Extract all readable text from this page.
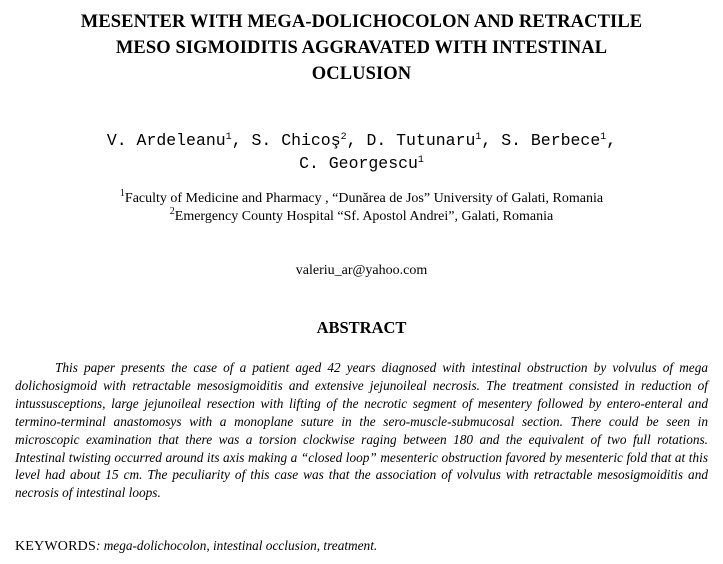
MESENTER WITH MEGA-DOLICHOCOLON AND RETRACTILE
MESO SIGMOIDITIS AGGRAVATED WITH INTESTINAL
OCLUSION
V. Ardeleanu$^1$, S. Chicoş$^2$, D. Tutunaru$^1$, S. Berbece$^1$,
C. Georgescu$^1$
$^1$Faculty of Medicine and Pharmacy , “Dunărea de Jos” University of Galati, Romania
$^2$Emergency County Hospital “Sf. Apostol Andrei”, Galati, Romania
valeriu_ar@yahoo.com
ABSTRACT

This paper presents the case of a patient aged 42 years diagnosed with intestinal obstruction by volvulus of mega dolichosigmoid with retractable mesosigmoiditis and extensive jejunoileal necrosis. The treatment consisted in reduction of intussusceptions, large jejunoileal resection with lifting of the necrotic segment of mesentery followed by entero-enteral and termino-terminal anastomosys with a monoplane suture in the sero-muscle-submucosal section. There could be seen in microscopic examination that there was a torsion clockwise raging between 180 and the equivalent of two full rotations. Intestinal twisting occurred around its axis making a “closed loop” mesenteric obstruction favored by mesenteric fold that at this level had about 15 cm. The peculiarity of this case was that the association of volvulus with retractable mesosigmoiditis and necrosis of intestinal loops.

KEYWORDS: mega-dolichocolon, intestinal occlusion, treatment.
